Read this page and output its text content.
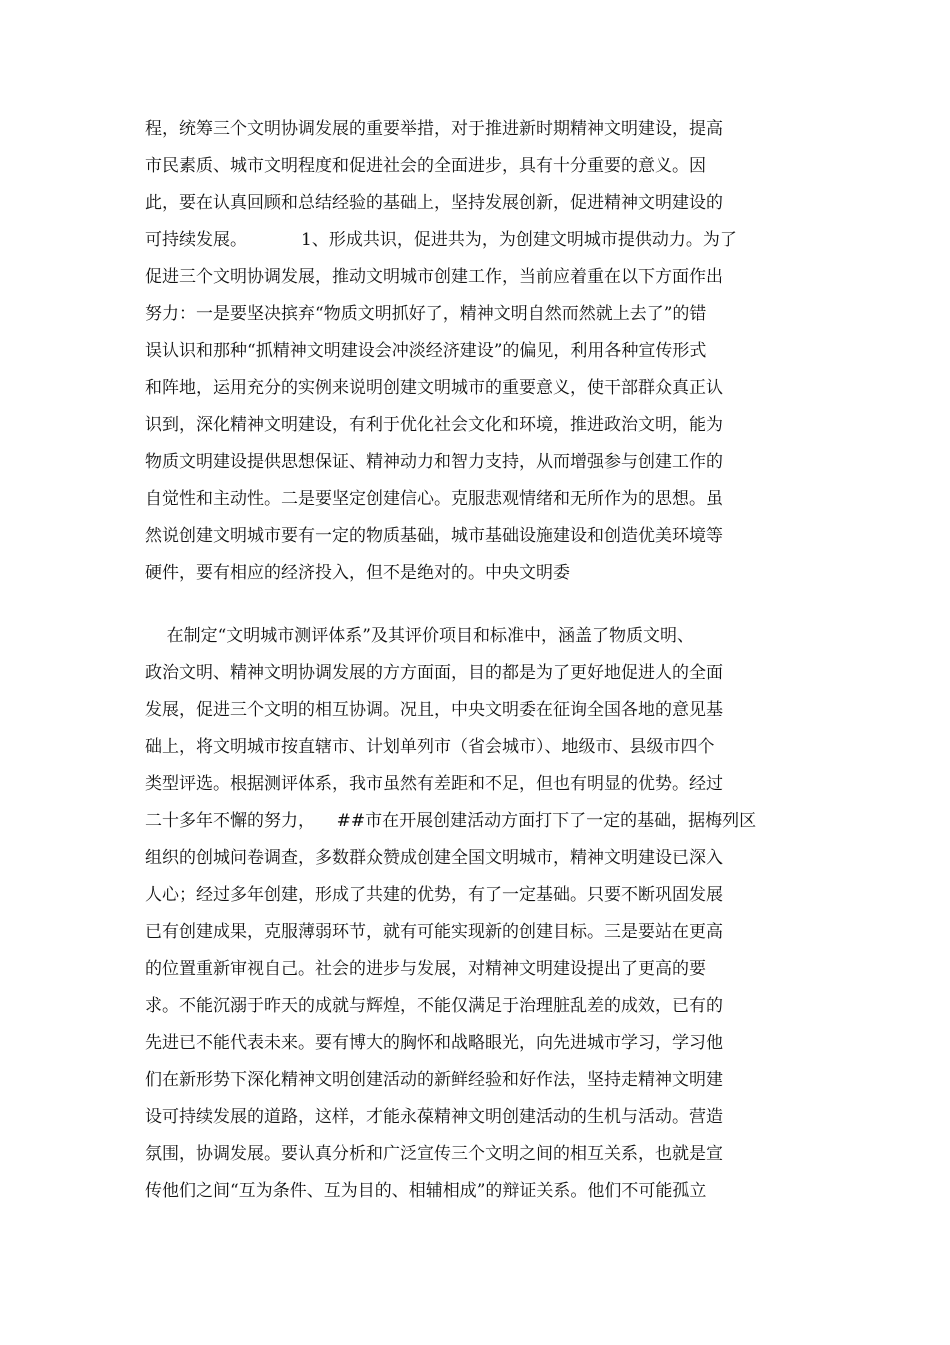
程，统筹三个文明协调发展的重要举措，对于推进新时期精神文明建设，提高

市民素质、城市文明程度和促进社会的全面进步，具有十分重要的意义。因

此，要在认真回顾和总结经验的基础上，坚持发展创新，促进精神文明建设的

可持续发展。          1、形成共识，促进共为，为创建文明城市提供动力。为了

促进三个文明协调发展，推动文明城市创建工作，当前应着重在以下方面作出

努力：一是要坚决摈弃“物质文明抓好了，精神文明自然而然就上去了”的错

误认识和那种“抓精神文明建设会冲淡经济建设”的偏见，利用各种宣传形式

和阵地，运用充分的实例来说明创建文明城市的重要意义，使干部群众真正认

识到，深化精神文明建设，有利于优化社会文化和环境，推进政治文明，能为

物质文明建设提供思想保证、精神动力和智力支持，从而增强参与创建工作的

自觉性和主动性。二是要坚定创建信心。克服悲观情绪和无所作为的思想。虽

然说创建文明城市要有一定的物质基础，城市基础设施建设和创造优美环境等

硬件，要有相应的经济投入，但不是绝对的。中央文明委

在制定“文明城市测评体系”及其评价项目和标准中，涵盖了物质文明、

政治文明、精神文明协调发展的方方面面，目的都是为了更好地促进人的全面

发展，促进三个文明的相互协调。况且，中央文明委在征询全国各地的意见基

础上，将文明城市按直辖市、计划单列市（省会城市）、地级市、县级市四个

类型评选。根据测评体系，我市虽然有差距和不足，但也有明显的优势。经过

二十多年不懈的努力，    ##市在开展创建活动方面打下了一定的基础，据梅列区

组织的创城问卷调查，多数群众赞成创建全国文明城市，精神文明建设已深入

人心；经过多年创建，形成了共建的优势，有了一定基础。只要不断巩固发展

已有创建成果，克服薄弱环节，就有可能实现新的创建目标。三是要站在更高

的位置重新审视自己。社会的进步与发展，对精神文明建设提出了更高的要

求。不能沉溺于昨天的成就与辉煌，不能仅满足于治理脏乱差的成效，已有的

先进已不能代表未来。要有博大的胸怀和战略眼光，向先进城市学习，学习他

们在新形势下深化精神文明创建活动的新鲜经验和好作法，坚持走精神文明建

设可持续发展的道路，这样，才能永葆精神文明创建活动的生机与活动。营造

氛围，协调发展。要认真分析和广泛宣传三个文明之间的相互关系，也就是宣

传他们之间“互为条件、互为目的、相辅相成”的辩证关系。他们不可能孤立
